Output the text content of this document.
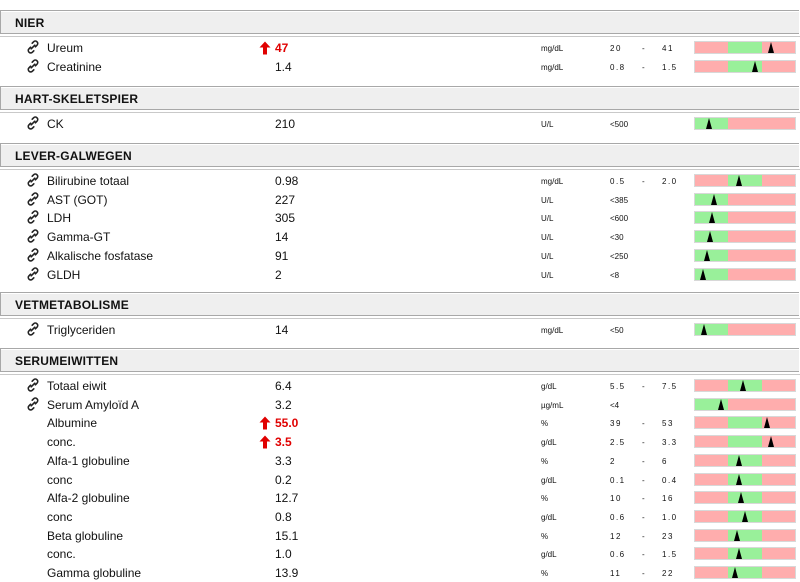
NIER
Ureum	47	mg/dL	20	- 41
Creatinine	1.4	mg/dL	0.8 - 1.5
HART-SKELETSPIER
CK	210	U/L	<500
LEVER-GALWEGEN
Bilirubine totaal	0.98	mg/dL	0.5 - 2.0
AST (GOT)	227	U/L	<385
LDH	305	U/L	<600
Gamma-GT	14	U/L	<30
Alkalische fosfatase	91	U/L	<250
GLDH	2	U/L	<8
VETMETABOLISME
Triglyceriden	14	mg/dL	<50
SERUMEIWITTEN
Totaal eiwit	6.4	g/dL	5.5 - 7.5
Serum Amyloïd A	3.2	µg/mL	<4
Albumine	55.0	%	39	- 53
conc.	3.5	g/dL	2.5 - 3.3
Alfa-1 globuline	3.3	%	2	- 6
conc	0.2	g/dL	0.1 - 0.4
Alfa-2 globuline	12.7	%	10	- 16
conc	0.8	g/dL	0.6 - 1.0
Beta globuline	15.1	%	12	- 23
conc.	1.0	g/dL	0.6 - 1.5
Gamma globuline	13.9	%	11	- 22
